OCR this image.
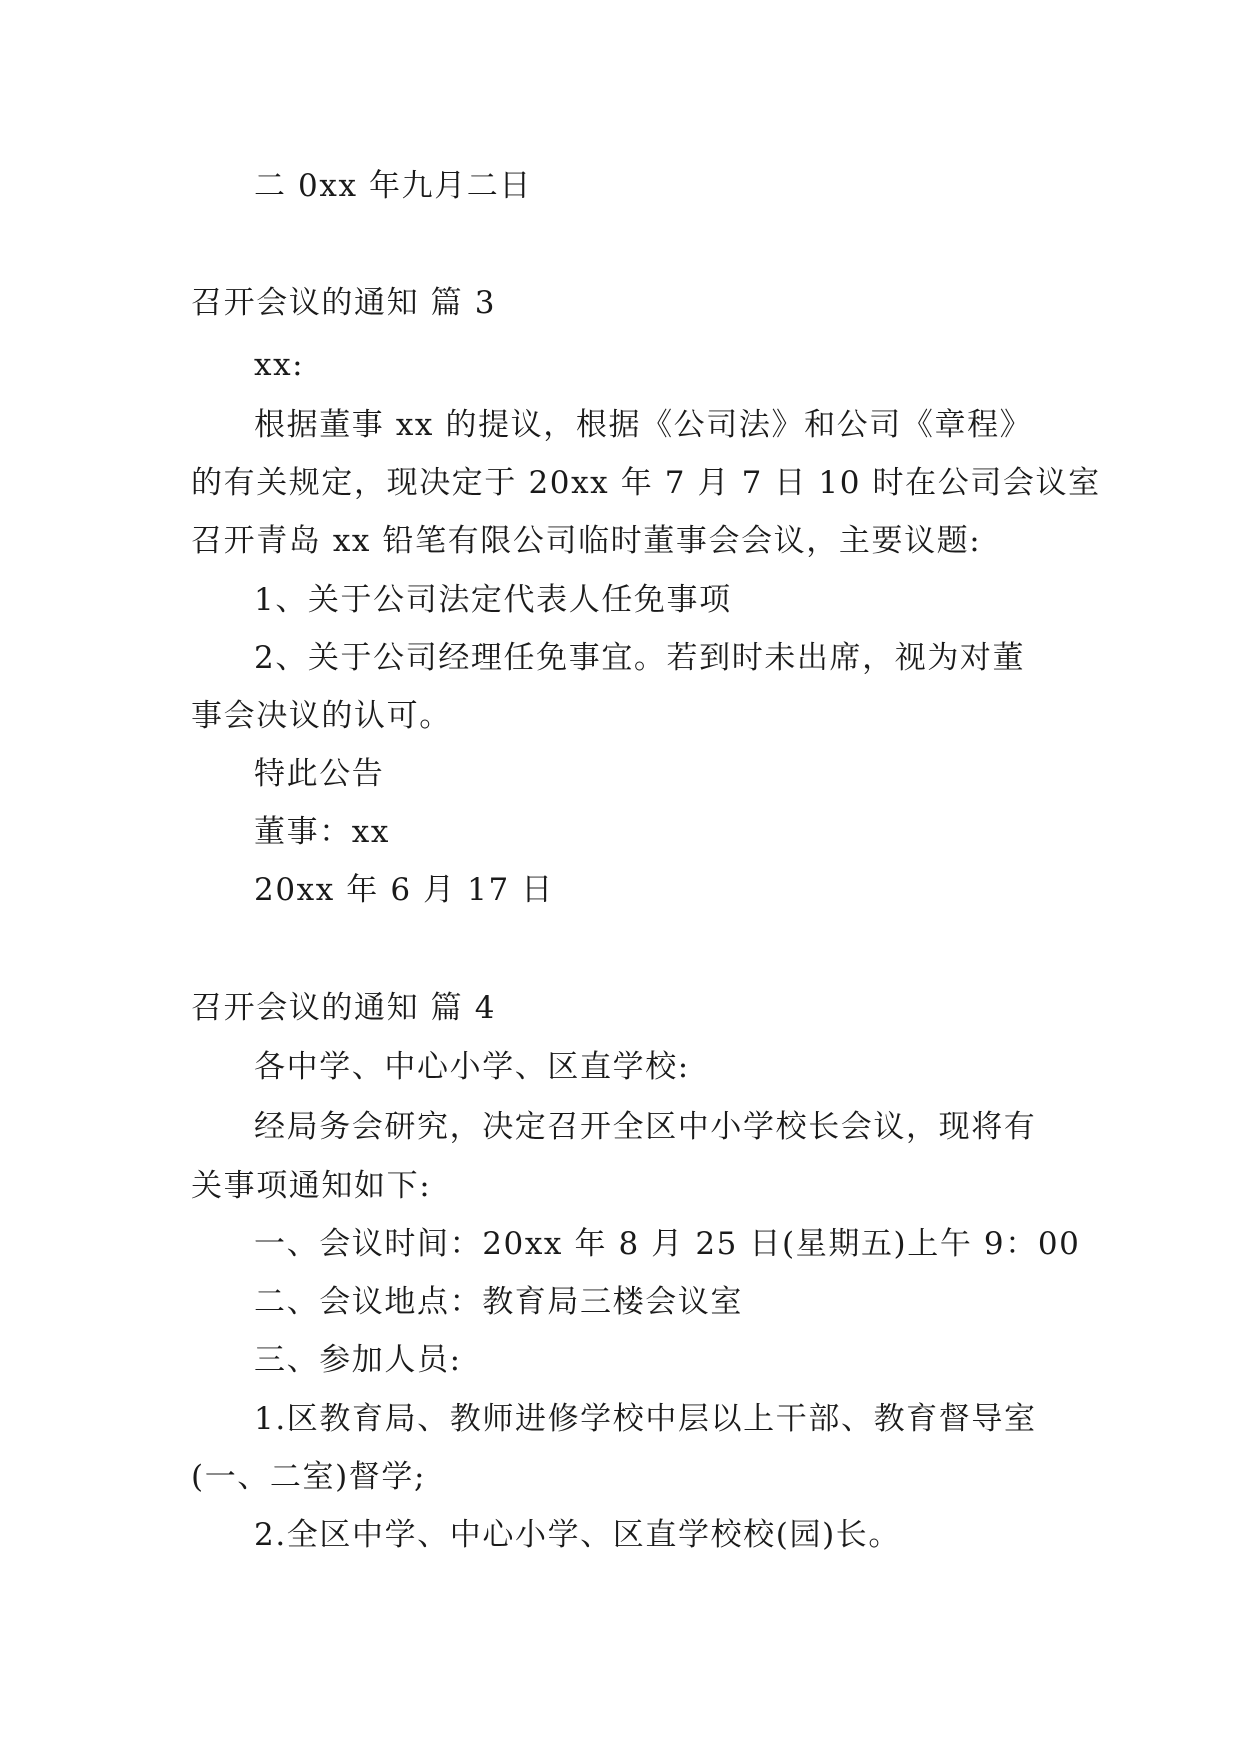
二 0xx 年九月二日
召开会议的通知 篇 3
xx:
根据董事 xx 的提议，根据《公司法》和公司《章程》
的有关规定，现决定于 20xx 年 7 月 7 日 10 时在公司会议室
召开青岛 xx 铅笔有限公司临时董事会会议，主要议题:
1、关于公司法定代表人任免事项
2、关于公司经理任免事宜。若到时未出席，视为对董
事会决议的认可。
特此公告
董事：xx
20xx 年 6 月 17 日
召开会议的通知 篇 4
各中学、中心小学、区直学校:
经局务会研究，决定召开全区中小学校长会议，现将有
关事项通知如下:
一、会议时间：20xx 年 8 月 25 日(星期五)上午 9：00
二、会议地点：教育局三楼会议室
三、参加人员:
1.区教育局、教师进修学校中层以上干部、教育督导室
(一、二室)督学;
2.全区中学、中心小学、区直学校校(园)长。
